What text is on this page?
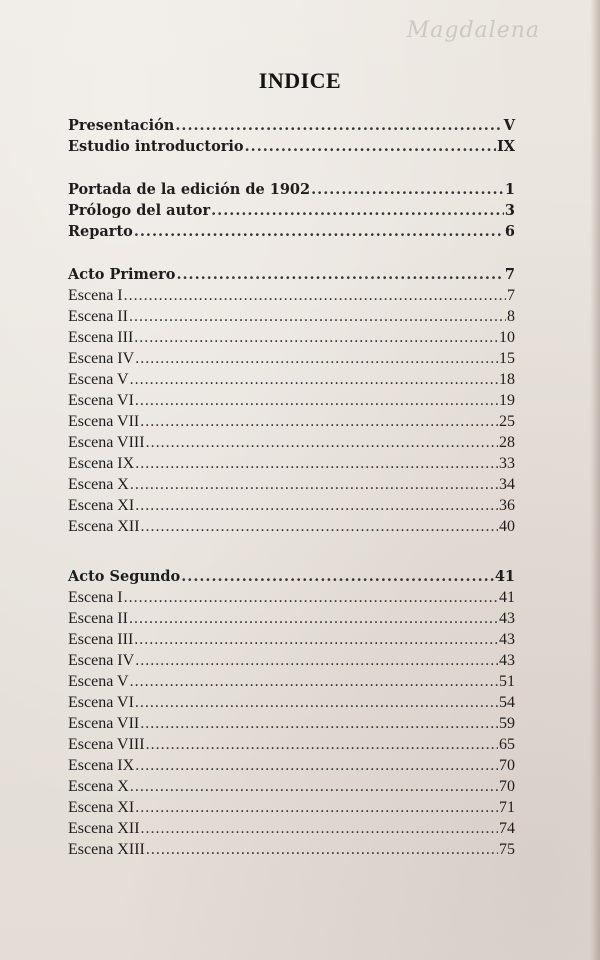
Magdalena
INDICE
Presentación .....	V
Estudio introductorio .....	IX
Portada de la edición de 1902 .....	1
Prólogo del autor .....	3
Reparto .....	6
Acto Primero .....	7
Escena I .....	7
Escena II .....	8
Escena III .....	10
Escena IV .....	15
Escena V .....	18
Escena VI .....	19
Escena VII .....	25
Escena VIII .....	28
Escena IX .....	33
Escena X .....	34
Escena XI .....	36
Escena XII .....	40
Acto Segundo .....	41
Escena I .....	41
Escena II .....	43
Escena III .....	43
Escena IV .....	43
Escena V .....	51
Escena VI .....	54
Escena VII .....	59
Escena VIII .....	65
Escena IX .....	70
Escena X .....	70
Escena XI .....	71
Escena XII .....	74
Escena XIII .....	75
